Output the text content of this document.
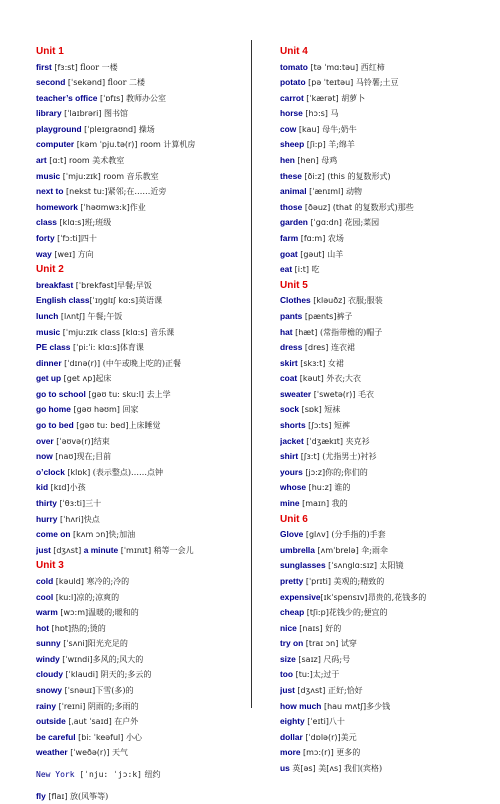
Unit 1
first [fɜ:st] floor 一楼
second [ˈsekənd] floor 二楼
teacher’s office [ˈɒfɪs] 教师办公室
library [ˈlaɪbrəri] 图书馆
playground [ˈpleɪgraʊnd] 操场
computer [kəm ˈpju.tə(r)] room 计算机房
art [ɑ:t] room 美术教室
music [ˈmju:zɪk] room 音乐教室
next to [nekst tu:]紧邻;在……近旁
homework [ˈhəʊmwɜ:k]作业
class [klɑ:s]班;班级
forty [ˈfɔ:ti]四十
way [weɪ] 方向
Unit 2
breakfast [ˈbrekfəst]早餐;早饭
English class[ˈɪŋglɪʃ kɑ:s]英语课
lunch [lʌntʃ] 午餐;午饭
music [ˈmju:zɪk class [klɑ:s] 音乐课
PE class [ˈpi:ˈi: klɑ:s]体育课
dinner [ˈdɪnə(r)] (中午或晚上吃的)正餐
get up [get ʌp]起床
go to school [gəʊ tu: sku:l] 去上学
go home [gəʊ həʊm] 回家
go to bed [gəʊ tu: bed]上床睡觉
over [ˈəʊvə(r)]结束
now [naʊ]现在;目前
o’clock [klɒk] (表示整点)……点钟
kid [kɪd]小孩
thirty [ˈθɜ:ti]三十
hurry [ˈhʌri]快点
come on [kʌm ɔn]快;加油
just [dʒʌst] a minute [ˈmɪnɪt] 稍等一会儿
Unit 3
cold [kəuld] 寒冷的;冷的
cool [ku:l]凉的;凉爽的
warm [wɔ:m]温暖的;暖和的
hot [hɒt]热的;烫的
sunny [ˈsʌni]阳光充足的
windy [ˈwɪndi]多风的;风大的
cloudy [ˈklaudi] 阴天的;多云的
snowy [ˈsnəuɪ]下雪(多)的
rainy [ˈreɪni] 阴雨的;多雨的
outside [ˌaut ˈsaɪd] 在户外
be careful [bi: ˈkeəful] 小心
weather [ˈweðə(r)] 天气
New York [ˈnju: ˈjɔ:k] 纽约
fly [flaɪ] 放(风筝等)
Unit 4
tomato [tə ˈmɑ:təu] 西红柿
potato [pə ˈteɪtəu] 马铃薯;土豆
carrot [ˈkærət] 胡萝卜
horse [hɔ:s] 马
cow [kau] 母牛;奶牛
sheep [ʃi:p] 羊;绵羊
hen [hen] 母鸡
these [ði:z] (this 的复数形式)
animal [ˈænɪml] 动物
those [ðəuz] (that 的复数形式)那些
garden [ˈgɑ:dn] 花园;菜园
farm [fɑ:m] 农场
goat [gəut] 山羊
eat [i:t] 吃
Unit 5
Clothes [kləuðz] 衣服;服装
pants [pænts]裤子
hat [hæt] (常指带檐的)帽子
dress [dres] 连衣裙
skirt [skɜ:t] 女裙
coat [kəut] 外衣;大衣
sweater [ˈswetə(r)] 毛衣
sock [sɒk] 短袜
shorts [ʃɔ:ts] 短裤
jacket [ˈdʒækɪt] 夹克衫
shirt [ʃɜ:t] (尤指男士)衬衫
yours [jɔ:z]你的;你们的
whose [hu:z] 谁的
mine [maɪn] 我的
Unit 6
Glove [glʌv] (分手指的)手套
umbrella [ʌmˈbrelə] 伞;雨伞
sunglasses [ˈsʌnglɑ:sɪz] 太阳镜
pretty [ˈprɪti] 美观的;精致的
expensive[ɪkˈspensɪv]昂贵的,花钱多的
cheap [tʃi:p]花钱少的;便宜的
nice [naɪs] 好的
try on [traɪ ɔn] 试穿
size [saɪz] 尺码;号
too [tu:]太;过于
just [dʒʌst] 正好;恰好
how much [hau mʌtʃ]多少钱
eighty [ˈeɪti]八十
dollar [ˈdɒlə(r)]美元
more [mɔ:(r)] 更多的
us 英[əs] 美[ʌs] 我们(宾格)
